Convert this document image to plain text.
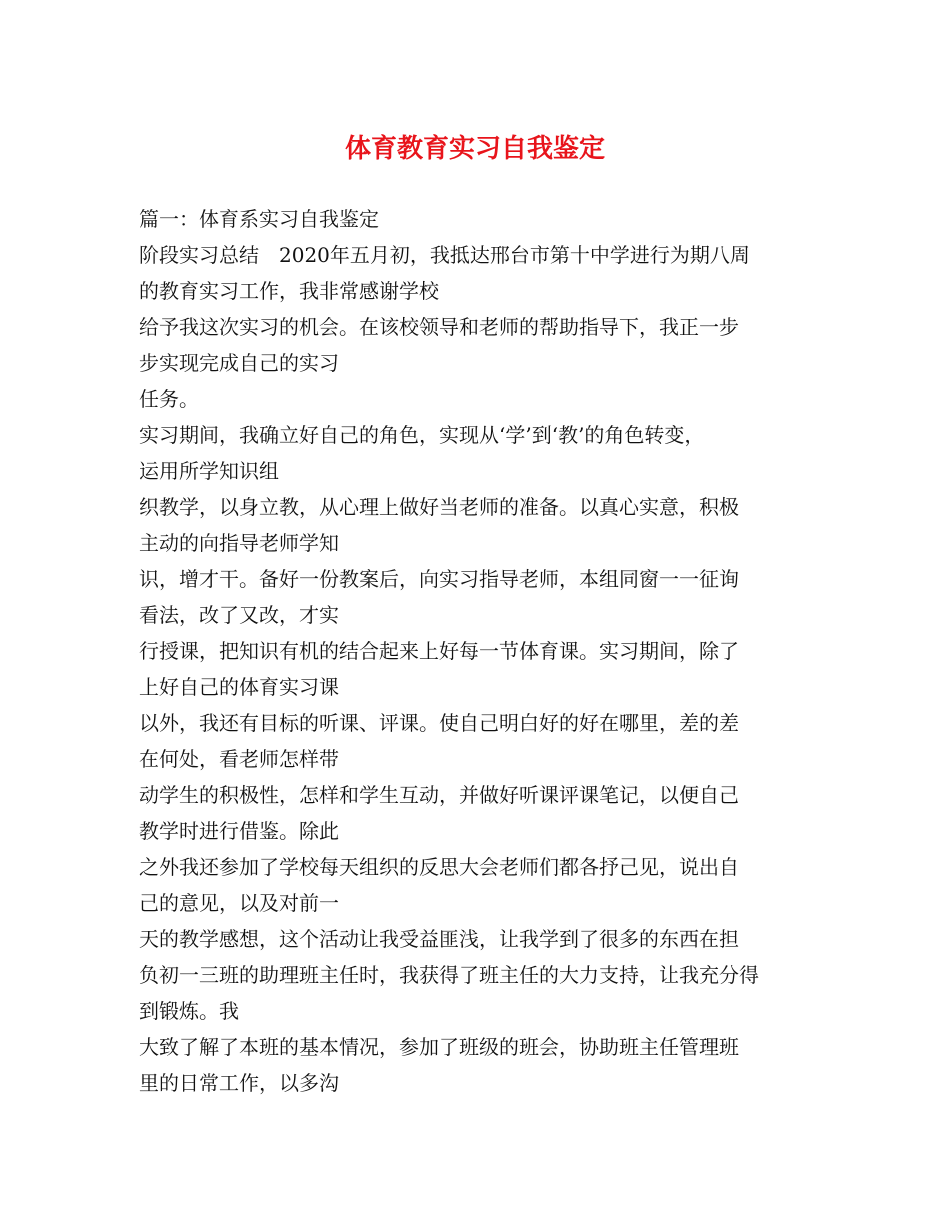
体育教育实习自我鉴定
篇一：体育系实习自我鉴定
阶段实习总结　2020年五月初，我抵达邢台市第十中学进行为期八周
的教育实习工作，我非常感谢学校
给予我这次实习的机会。在该校领导和老师的帮助指导下，我正一步
步实现完成自己的实习
任务。
实习期间，我确立好自己的角色，实现从‘学’到‘教’的角色转变，
运用所学知识组
织教学，以身立教，从心理上做好当老师的准备。以真心实意，积极
主动的向指导老师学知
识，增才干。备好一份教案后，向实习指导老师，本组同窗一一征询
看法，改了又改，才实
行授课，把知识有机的结合起来上好每一节体育课。实习期间，除了
上好自己的体育实习课
以外，我还有目标的听课、评课。使自己明白好的好在哪里，差的差
在何处，看老师怎样带
动学生的积极性，怎样和学生互动，并做好听课评课笔记，以便自己
教学时进行借鉴。除此
之外我还参加了学校每天组织的反思大会老师们都各抒己见，说出自
己的意见，以及对前一
天的教学感想，这个活动让我受益匪浅，让我学到了很多的东西在担
负初一三班的助理班主任时，我获得了班主任的大力支持，让我充分得
到锻炼。我
大致了解了本班的基本情况，参加了班级的班会，协助班主任管理班
里的日常工作，以多沟
